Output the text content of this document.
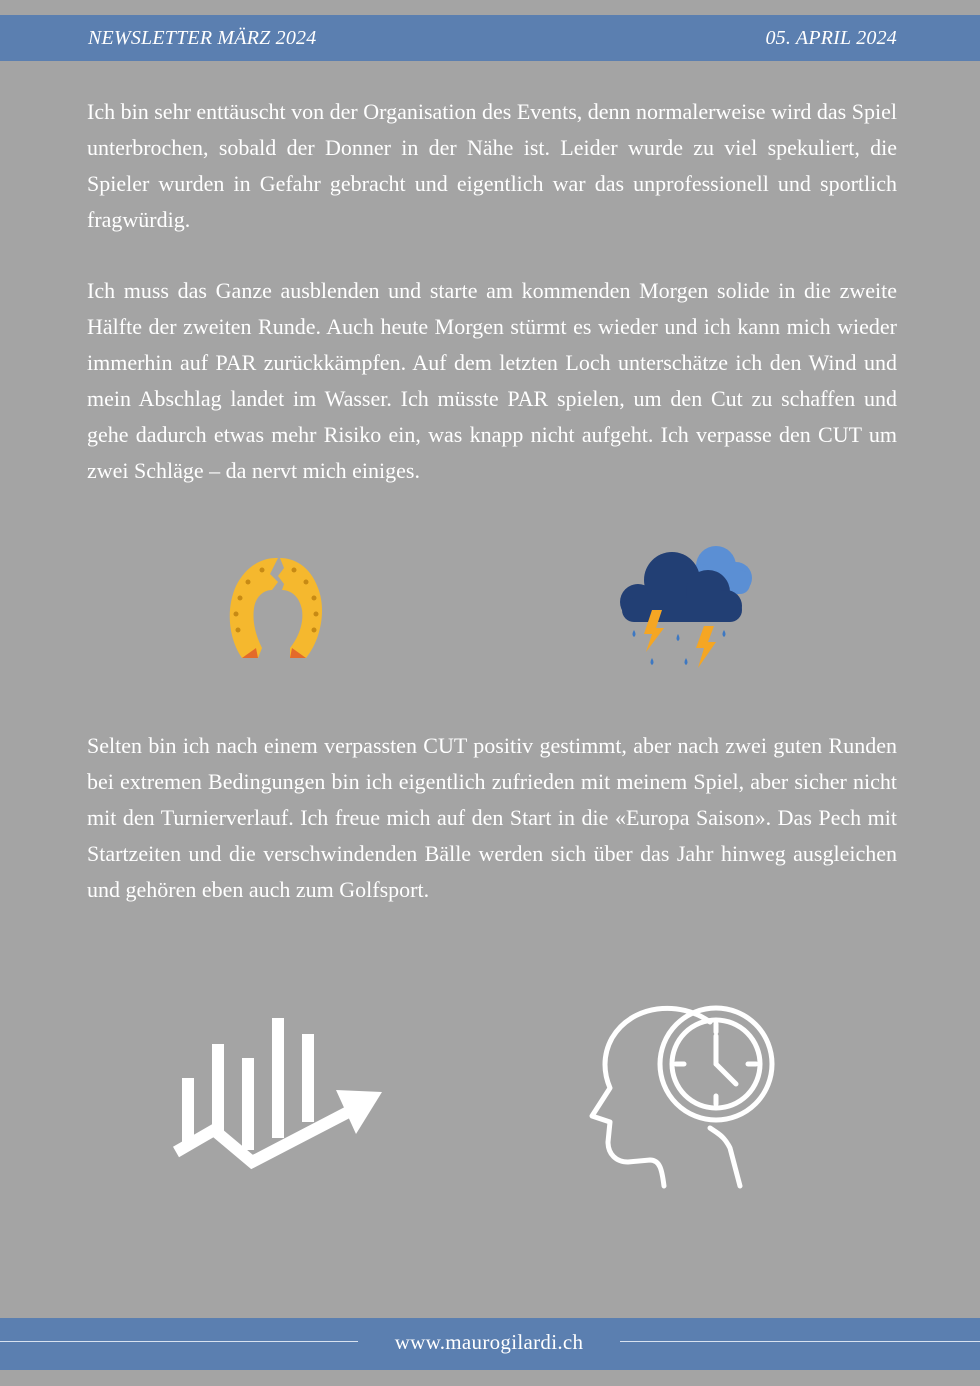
NEWSLETTER MÄRZ 2024	05. APRIL 2024

Ich bin sehr enttäuscht von der Organisation des Events, denn normalerweise wird das Spiel unterbrochen, sobald der Donner in der Nähe ist. Leider wurde zu viel spekuliert, die Spieler wurden in Gefahr gebracht und eigentlich war das unprofessionell und sportlich fragwürdig.

Ich muss das Ganze ausblenden und starte am kommenden Morgen solide in die zweite Hälfte der zweiten Runde. Auch heute Morgen stürmt es wieder und ich kann mich wieder immerhin auf PAR zurückkämpfen. Auf dem letzten Loch unterschätze ich den Wind und mein Abschlag landet im Wasser. Ich müsste PAR spielen, um den Cut zu schaffen und gehe dadurch etwas mehr Risiko ein, was knapp nicht aufgeht. Ich verpasse den CUT um zwei Schläge – da nervt mich einiges.

Selten bin ich nach einem verpassten CUT positiv gestimmt, aber nach zwei guten Runden bei extremen Bedingungen bin ich eigentlich zufrieden mit meinem Spiel, aber sicher nicht mit den Turnierverlauf. Ich freue mich auf den Start in die «Europa Saison». Das Pech mit Startzeiten und die verschwindenden Bälle werden sich über das Jahr hinweg ausgleichen und gehören eben auch zum Golfsport.

www.maurogilardi.ch
